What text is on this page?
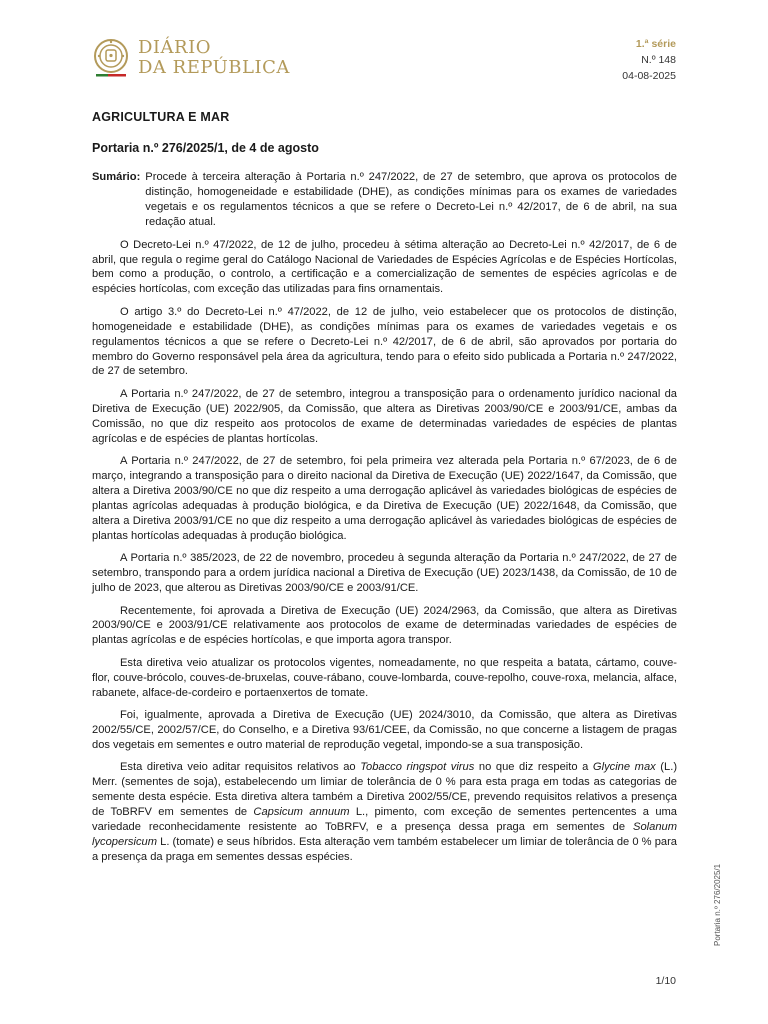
DIÁRIO
DA REPÚBLICA
1.ª série
N.º 148
04-08-2025
AGRICULTURA E MAR
Portaria n.º 276/2025/1, de 4 de agosto
Sumário: Procede à terceira alteração à Portaria n.º 247/2022, de 27 de setembro, que aprova os protocolos de distinção, homogeneidade e estabilidade (DHE), as condições mínimas para os exames de variedades vegetais e os regulamentos técnicos a que se refere o Decreto-Lei n.º 42/2017, de 6 de abril, na sua redação atual.

O Decreto-Lei n.º 47/2022, de 12 de julho, procedeu à sétima alteração ao Decreto-Lei n.º 42/2017, de 6 de abril, que regula o regime geral do Catálogo Nacional de Variedades de Espécies Agrícolas e de Espécies Hortícolas, bem como a produção, o controlo, a certificação e a comercialização de sementes de espécies agrícolas e de espécies hortícolas, com exceção das utilizadas para fins ornamentais.

O artigo 3.º do Decreto-Lei n.º 47/2022, de 12 de julho, veio estabelecer que os protocolos de distinção, homogeneidade e estabilidade (DHE), as condições mínimas para os exames de variedades vegetais e os regulamentos técnicos a que se refere o Decreto-Lei n.º 42/2017, de 6 de abril, são aprovados por portaria do membro do Governo responsável pela área da agricultura, tendo para o efeito sido publicada a Portaria n.º 247/2022, de 27 de setembro.

A Portaria n.º 247/2022, de 27 de setembro, integrou a transposição para o ordenamento jurídico nacional da Diretiva de Execução (UE) 2022/905, da Comissão, que altera as Diretivas 2003/90/CE e 2003/91/CE, ambas da Comissão, no que diz respeito aos protocolos de exame de determinadas variedades de espécies de plantas agrícolas e de espécies de plantas hortícolas.

A Portaria n.º 247/2022, de 27 de setembro, foi pela primeira vez alterada pela Portaria n.º 67/2023, de 6 de março, integrando a transposição para o direito nacional da Diretiva de Execução (UE) 2022/1647, da Comissão, que altera a Diretiva 2003/90/CE no que diz respeito a uma derrogação aplicável às variedades biológicas de espécies de plantas agrícolas adequadas à produção biológica, e da Diretiva de Execução (UE) 2022/1648, da Comissão, que altera a Diretiva 2003/91/CE no que diz respeito a uma derrogação aplicável às variedades biológicas de espécies de plantas hortícolas adequadas à produção biológica.

A Portaria n.º 385/2023, de 22 de novembro, procedeu à segunda alteração da Portaria n.º 247/2022, de 27 de setembro, transpondo para a ordem jurídica nacional a Diretiva de Execução (UE) 2023/1438, da Comissão, de 10 de julho de 2023, que alterou as Diretivas 2003/90/CE e 2003/91/CE.

Recentemente, foi aprovada a Diretiva de Execução (UE) 2024/2963, da Comissão, que altera as Diretivas 2003/90/CE e 2003/91/CE relativamente aos protocolos de exame de determinadas variedades de espécies de plantas agrícolas e de espécies hortícolas, e que importa agora transpor.

Esta diretiva veio atualizar os protocolos vigentes, nomeadamente, no que respeita a batata, cártamo, couve-flor, couve-brócolo, couves-de-bruxelas, couve-rábano, couve-lombarda, couve-repolho, couve-roxa, melancia, alface, rabanete, alface-de-cordeiro e portaenxertos de tomate.

Foi, igualmente, aprovada a Diretiva de Execução (UE) 2024/3010, da Comissão, que altera as Diretivas 2002/55/CE, 2002/57/CE, do Conselho, e a Diretiva 93/61/CEE, da Comissão, no que concerne a listagem de pragas dos vegetais em sementes e outro material de reprodução vegetal, impondo-se a sua transposição.

Esta diretiva veio aditar requisitos relativos ao Tobacco ringspot virus no que diz respeito a Glycine max (L.) Merr. (sementes de soja), estabelecendo um limiar de tolerância de 0 % para esta praga em todas as categorias de semente desta espécie. Esta diretiva altera também a Diretiva 2002/55/CE, prevendo requisitos relativos a presença de ToBRFV em sementes de Capsicum annuum L., pimento, com exceção de sementes pertencentes a uma variedade reconhecidamente resistente ao ToBRFV, e a presença dessa praga em sementes de Solanum lycopersicum L. (tomate) e seus híbridos. Esta alteração vem também estabelecer um limiar de tolerância de 0 % para a presença da praga em sementes dessas espécies.

Portaria n.º 276/2025/1
1/10
